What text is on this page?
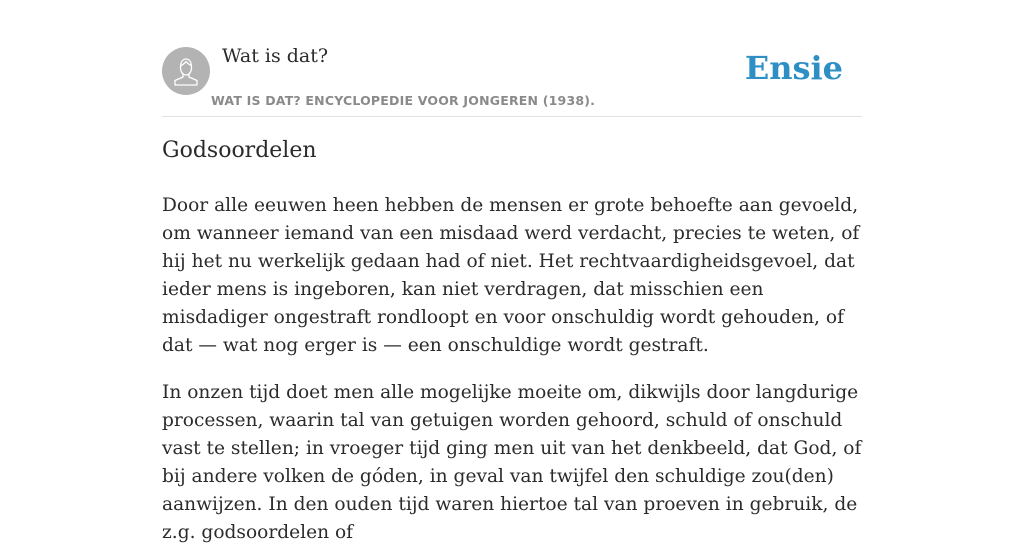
Wat is dat?
WAT IS DAT? ENCYCLOPEDIE VOOR JONGEREN (1938).
Ensie
Godsoordelen

Door alle eeuwen heen hebben de mensen er grote behoefte aan gevoeld, om wanneer iemand van een misdaad werd verdacht, precies te weten, of hij het nu werkelijk gedaan had of niet. Het rechtvaardigheidsgevoel, dat ieder mens is ingeboren, kan niet verdragen, dat misschien een misdadiger ongestraft rondloopt en voor onschuldig wordt gehouden, of dat — wat nog erger is — een onschuldige wordt gestraft.

In onzen tijd doet men alle mogelijke moeite om, dikwijls door langdurige processen, waarin tal van getuigen worden gehoord, schuld of onschuld vast te stellen; in vroeger tijd ging men uit van het denkbeeld, dat God, of bij andere volken de góden, in geval van twijfel den schuldige zou(den) aanwijzen. In den ouden tijd waren hiertoe tal van proeven in gebruik, de z.g. godsoordelen of
